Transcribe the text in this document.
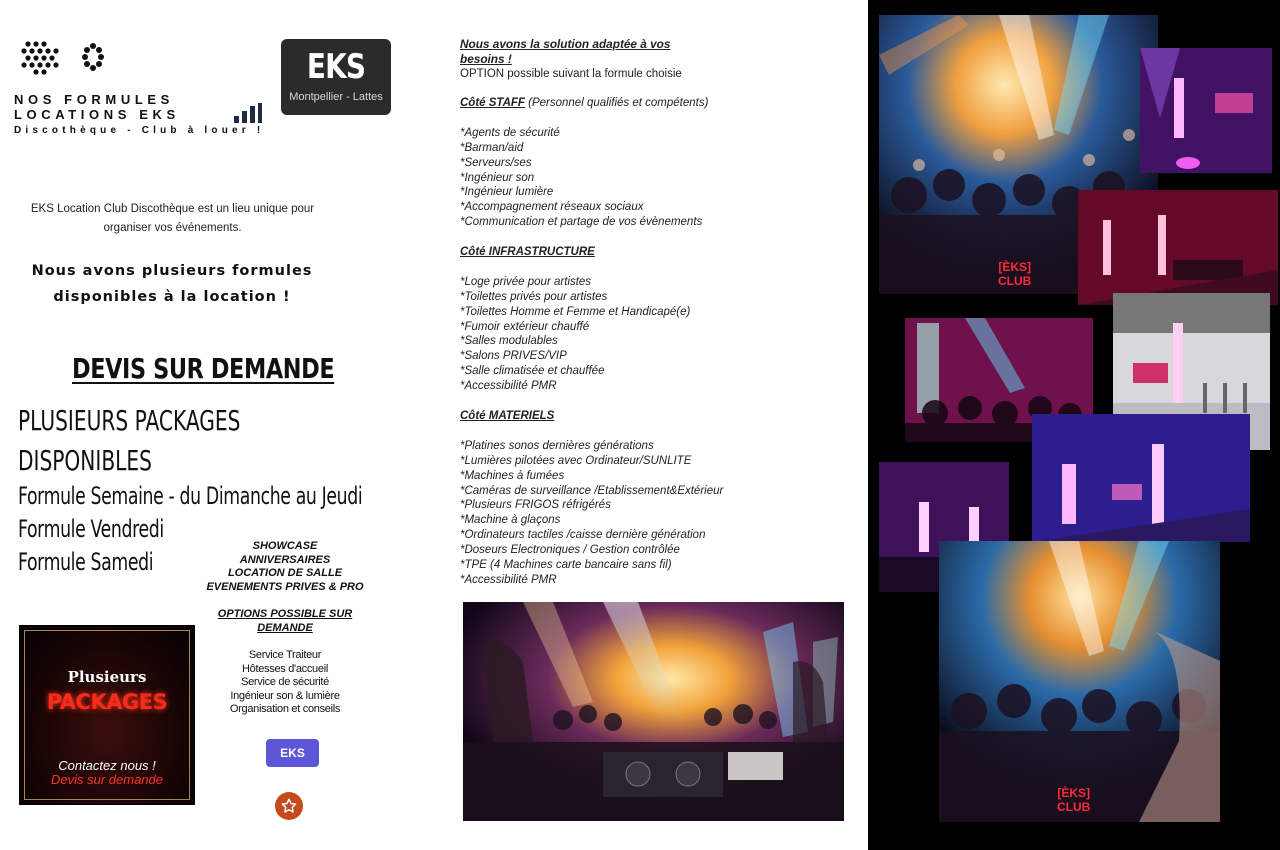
NOS FORMULES
LOCATIONS EKS
Discothèque - Club à louer !
EKS
Montpellier - Lattes
EKS Location Club Discothèque est un lieu unique pour
organiser vos événements.
Nous avons plusieurs formules
disponibles à la location !
DEVIS SUR DEMANDE
PLUSIEURS PACKAGES
DISPONIBLES
Formule Semaine - du Dimanche au Jeudi
Formule Vendredi
Formule Samedi
SHOWCASE
ANNIVERSAIRES
LOCATION DE SALLE
EVENEMENTS PRIVES & PRO
OPTIONS POSSIBLE SUR
DEMANDE
Service Traiteur
Hôtesses d'accueil
Service de sécurité
Ingénieur son & lumière
Organisation et conseils
EKS
Plusieurs
PACKAGES
Contactez nous !
Devis sur demande
Nous avons la solution adaptée à vos
besoins !
OPTION possible suivant la formule choisie
Côté STAFF (Personnel qualifiés et compétents)
*Agents de sécurité
*Barman/aid
*Serveurs/ses
*Ingénieur son
*Ingénieur lumière
*Accompagnement réseaux sociaux
*Communication et partage de vos évènements
Côté INFRASTRUCTURE
*Loge privée pour artistes
*Toilettes privés pour artistes
*Toilettes Homme et Femme et Handicapé(e)
*Fumoir extérieur chauffé
*Salles modulables
*Salons PRIVES/VIP
*Salle climatisée et chauffée
*Accessibilité PMR
Côté MATERIELS
*Platines sonos dernières générations
*Lumières pilotées avec Ordinateur/SUNLITE
*Machines à fumées
*Caméras de surveillance /Etablissement&Extérieur
*Plusieurs FRIGOS réfrigérés
*Machine à glaçons
*Ordinateurs tactiles /caisse dernière génération
*Doseurs Electroniques / Gestion contrôlée
*TPE (4 Machines carte bancaire sans fil)
*Accessibilité PMR
[ÈKS]
CLUB
[ÈKS]
CLUB
